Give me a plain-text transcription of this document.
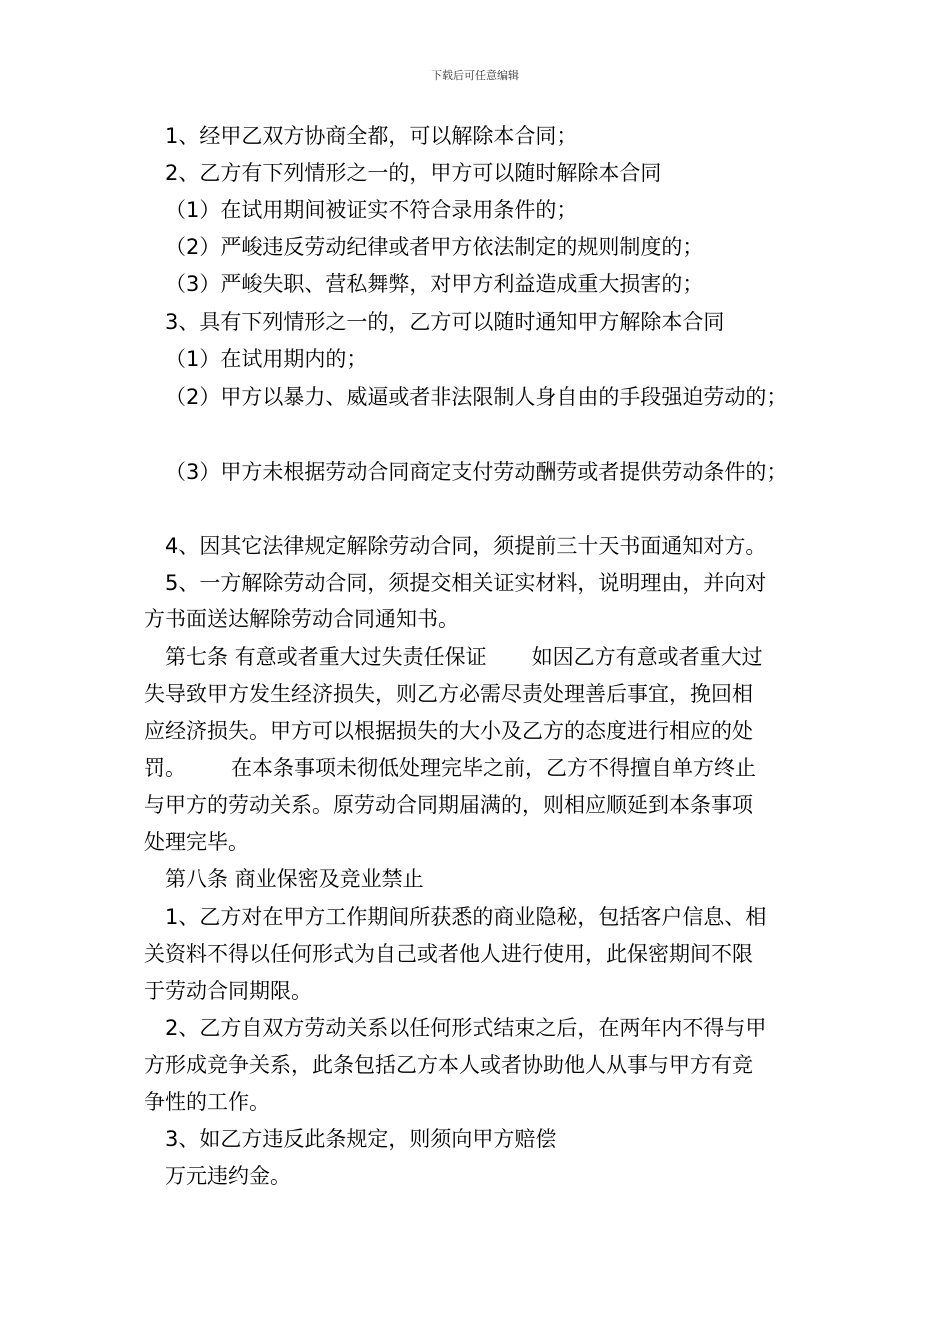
下载后可任意编辑
1、经甲乙双方协商全都，可以解除本合同；
2、乙方有下列情形之一的，甲方可以随时解除本合同
（1）在试用期间被证实不符合录用条件的；
（2）严峻违反劳动纪律或者甲方依法制定的规则制度的；
（3）严峻失职、营私舞弊，对甲方利益造成重大损害的；
3、具有下列情形之一的，乙方可以随时通知甲方解除本合同
（1）在试用期内的；
（2）甲方以暴力、威逼或者非法限制人身自由的手段强迫劳动的；
（3）甲方未根据劳动合同商定支付劳动酬劳或者提供劳动条件的；
4、因其它法律规定解除劳动合同，须提前三十天书面通知对方。
5、一方解除劳动合同，须提交相关证实材料，说明理由，并向对
方书面送达解除劳动合同通知书。
第七条 有意或者重大过失责任保证 如因乙方有意或者重大过
失导致甲方发生经济损失，则乙方必需尽责处理善后事宜，挽回相
应经济损失。甲方可以根据损失的大小及乙方的态度进行相应的处
罚。 在本条事项未彻低处理完毕之前，乙方不得擅自单方终止
与甲方的劳动关系。原劳动合同期届满的，则相应顺延到本条事项
处理完毕。
第八条 商业保密及竞业禁止
1、乙方对在甲方工作期间所获悉的商业隐秘，包括客户信息、相
关资料不得以任何形式为自己或者他人进行使用，此保密期间不限
于劳动合同期限。
2、乙方自双方劳动关系以任何形式结束之后，在两年内不得与甲
方形成竞争关系，此条包括乙方本人或者协助他人从事与甲方有竞
争性的工作。
3、如乙方违反此条规定，则须向甲方赔偿
万元违约金。
